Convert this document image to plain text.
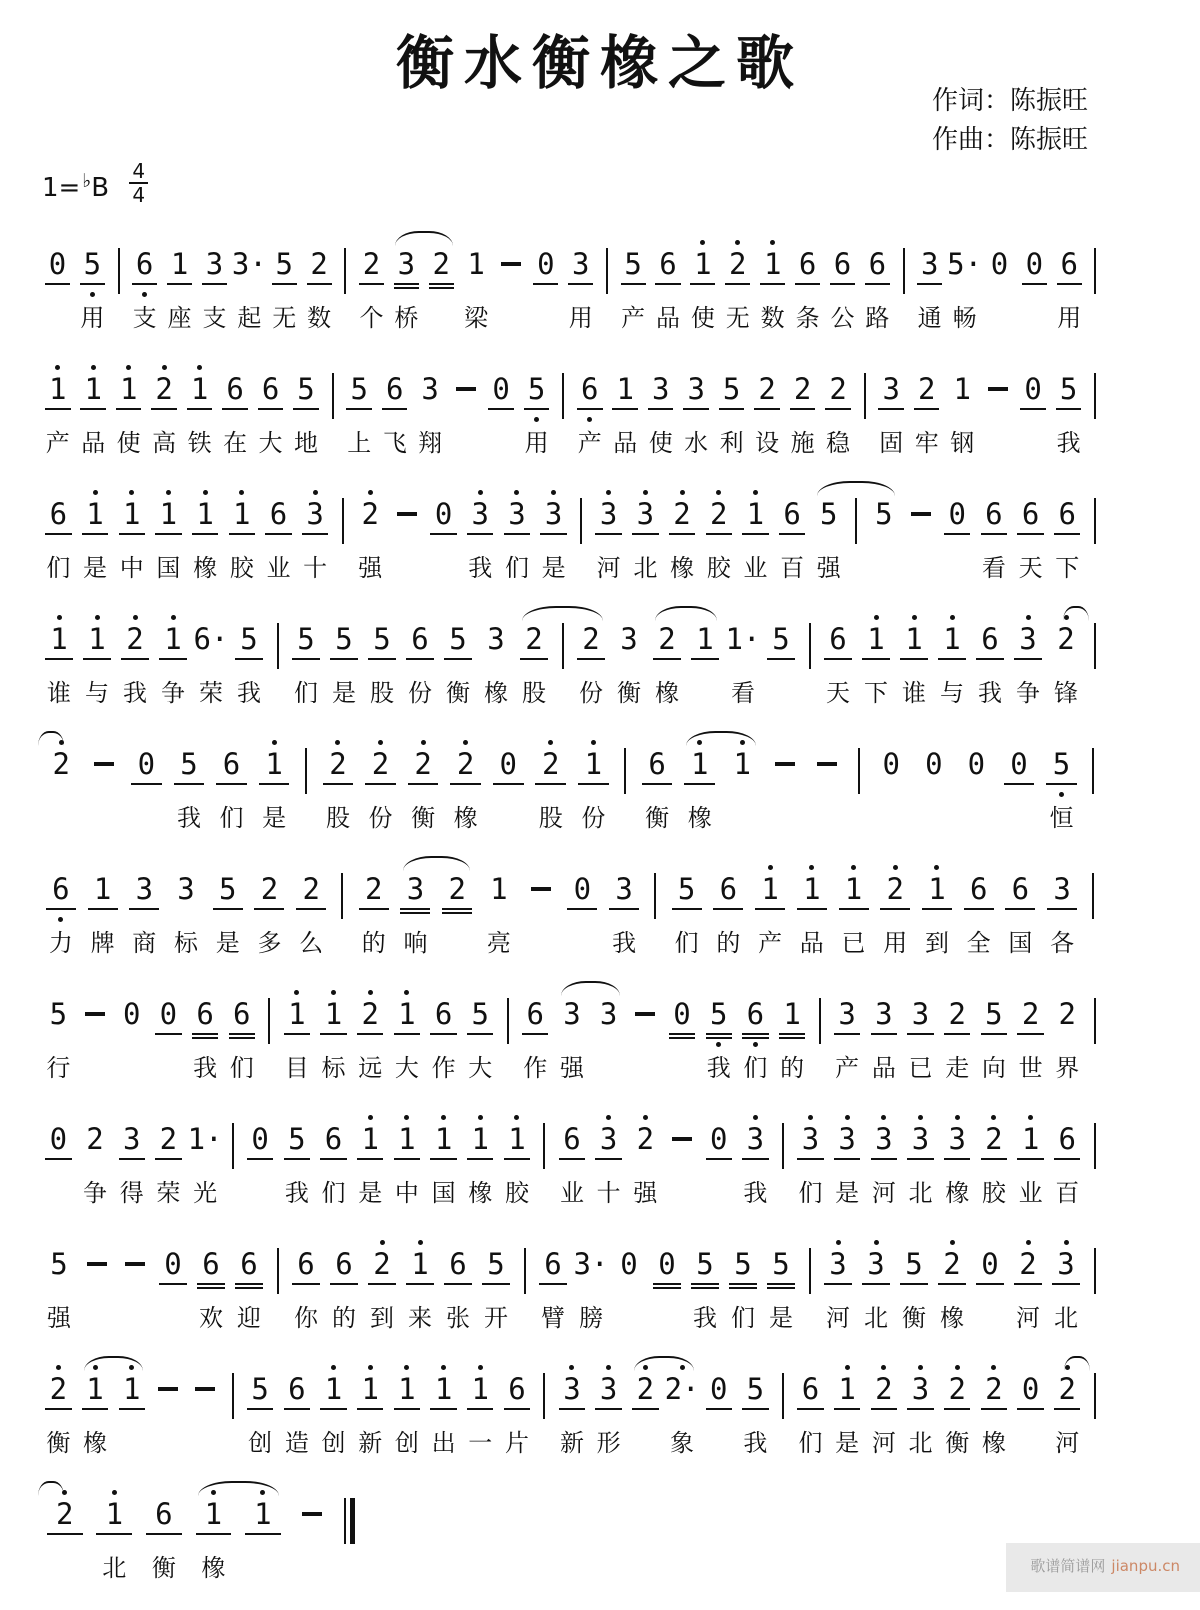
衡水衡橡之歌
作词：陈振旺
作曲：陈振旺
$1= ^♭B \frac{4}{4}$
0 5
用
6
支
1
座
3
支
3·
起
5
无
2
数
2
个
3
桥
2 1
梁
0 3
用
5
产
6
品
1
使
2
无
1
数
6
条
6
公
6
路
3
通
5·
畅
0 0 6
用
1
产
1
品
1
使
2
高
1
铁
6
在
6
大
5
地
5
上
6
飞
3
翔
0 5
用
6
产
1
品
3
使
3
水
5
利
2
设
2
施
2
稳
3
固
2
牢
1
钢
0 5
我
6
们
1
是
1
中
1
国
1
橡
1
胶
6
业
3
十
2
强
0 3
我
3
们
3
是
3
河
3
北
2
橡
2
胶
1
业
6
百
5
强
5 0 6
看
6
天
6
下
1
谁
1
与
2
我
1
争
6·
荣
5
我
5
们
5
是
5
股
6
份
5
衡
3
橡
2
股
2
份
3
衡
2
橡
1 1·
看
5 6
天
1
下
1
谁
1
与
6
我
3
争
2
锋
2 0 5
我
6
们
1
是
2
股
2
份
2
衡
2
橡
0 2
股
1
份
6
衡
1
橡
1	0 0 0 0 5
恒
6
力
1
牌
3
商
3
标
5
是
2
多
2
么
2
的
3
响
2 1
亮
0 3
我
5
们
6
的
1
产
1
品
1
已
2
用
1
到
6
全
6
国
3
各
5
行
0 0 6
我
6
们
1
目
1
标
2
远
1
大
6
作
5
大
6
作
3
强
3 0 5
我
6
们
1
的
3
产
3
品
3
已
2
走
5
向
2
世
2
界
0 2
争
3
得
2
荣
1·
光
0 5
我
6
们
1
是
1
中
1
国
1
橡
1
胶
6
业
3
十
2
强
0 3
我
3
们
3
是
3
河
3
北
3
橡
2
胶
1
业
6
百
5
强
0 6
欢
6
迎
6
你
6
的
2
到
1
来
6
张
5
开
6
臂
3·
膀
0 0 5
我
5
们
5
是
3
河
3
北
5
衡
2
橡
0 2
河
3
北
2
衡
1
橡
1	5
创
6
造
1
创
1
新
1
创
1
出
1
一
6
片
3
新
3
形
2 2·
象
0 5
我
6
们
1
是
2
河
3
北
2
衡
2
橡
0 2
河
2 1
北
6
衡
1
橡
1
歌谱简谱网 jianpu.cn
